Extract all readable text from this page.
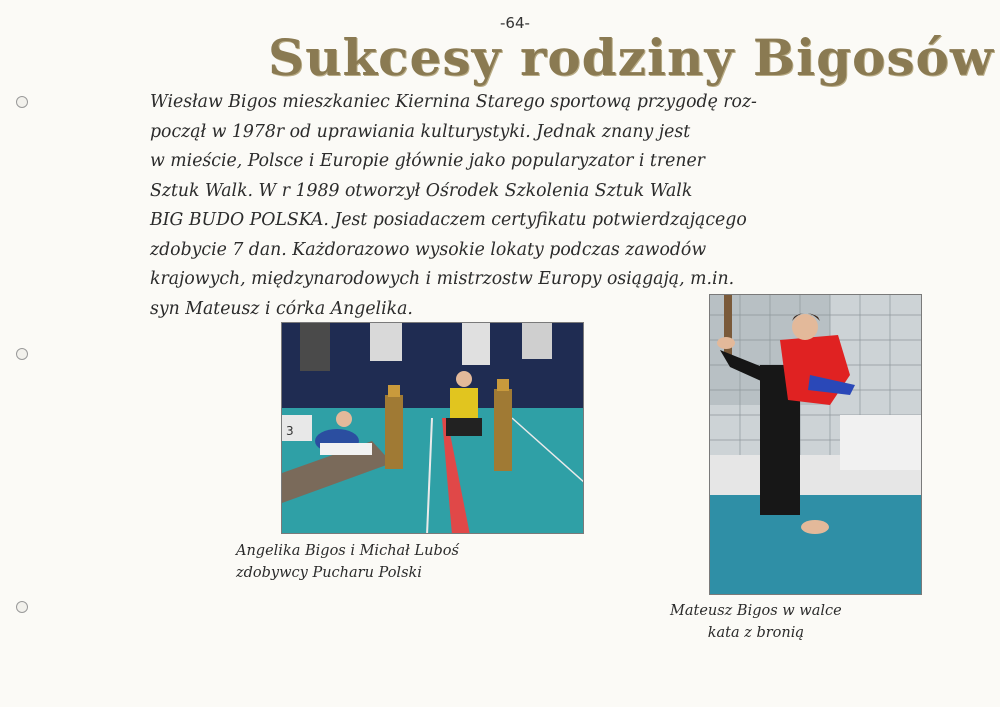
-64-
Sukcesy rodziny Bigosów
Wiesław Bigos mieszkaniec Kiernina Starego sportową przygodę roz-
począł w 1978r od uprawiania kulturystyki. Jednak znany jest
w mieście, Polsce i Europie głównie jako popularyzator i trener
Sztuk Walk. W r 1989 otworzył Ośrodek Szkolenia Sztuk Walk
BIG BUDO POLSKA. Jest posiadaczem certyfikatu potwierdzającego
zdobycie 7 dan. Każdorazowo wysokie lokaty podczas zawodów
krajowych, międzynarodowych i mistrzostw Europy osiągają, m.in.
syn Mateusz i córka Angelika.
3
Angelika Bigos i Michał Luboś
zdobywcy Pucharu Polski
Mateusz Bigos w walce
kata z bronią
